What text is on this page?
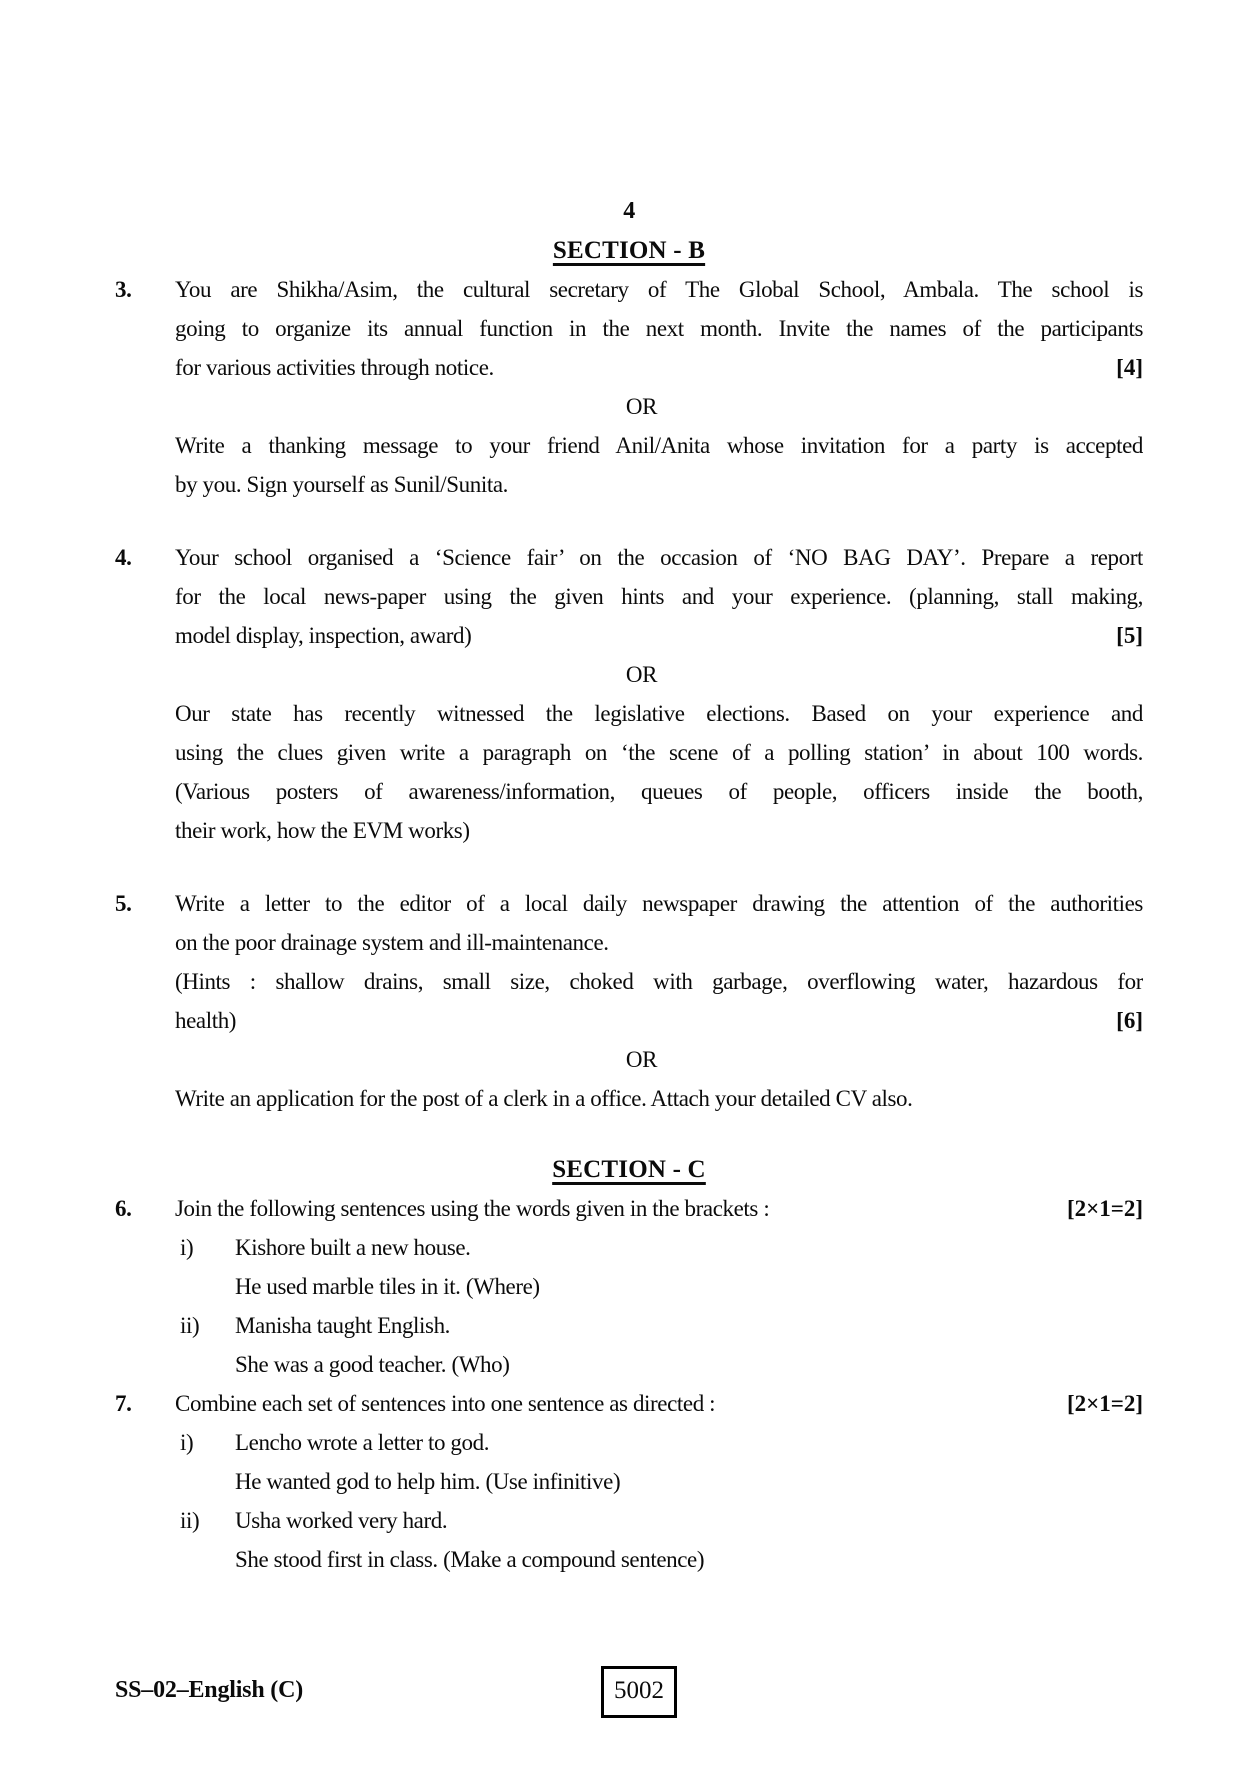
4
SECTION - B
3.	You are Shikha/Asim, the cultural secretary of The Global School, Ambala. The school is
going to organize its annual function in the next month. Invite the names of the participants
[4]
for various activities through notice.
OR
Write a thanking message to your friend Anil/Anita whose invitation for a party is accepted
by you. Sign yourself as Sunil/Sunita.
4.	Your school organised a ‘Science fair’ on the occasion of ‘NO BAG DAY’. Prepare a report
for the local news-paper using the given hints and your experience. (planning, stall making,
[5]
model display, inspection, award)
OR
Our state has recently witnessed the legislative elections. Based on your experience and
using the clues given write a paragraph on ‘the scene of a polling station’ in about 100 words.
(Various posters of awareness/information, queues of people, officers inside the booth,
their work, how the EVM works)
5.	Write a letter to the editor of a local daily newspaper drawing the attention of the authorities
on the poor drainage system and ill-maintenance.
(Hints : shallow drains, small size, choked with garbage, overflowing water, hazardous for
[6]
health)
OR
Write an application for the post of a clerk in a office. Attach your detailed CV also.
SECTION - C
6.	[2×1=2]
Join the following sentences using the words given in the brackets :
i)	Kishore built a new house.
He used marble tiles in it. (Where)
ii)	Manisha taught English.
She was a good teacher. (Who)
7.	[2×1=2]
Combine each set of sentences into one sentence as directed :
i)	Lencho wrote a letter to god.
He wanted god to help him. (Use infinitive)
ii)	Usha worked very hard.
She stood first in class. (Make a compound sentence)
SS–02–English (C)	5002
